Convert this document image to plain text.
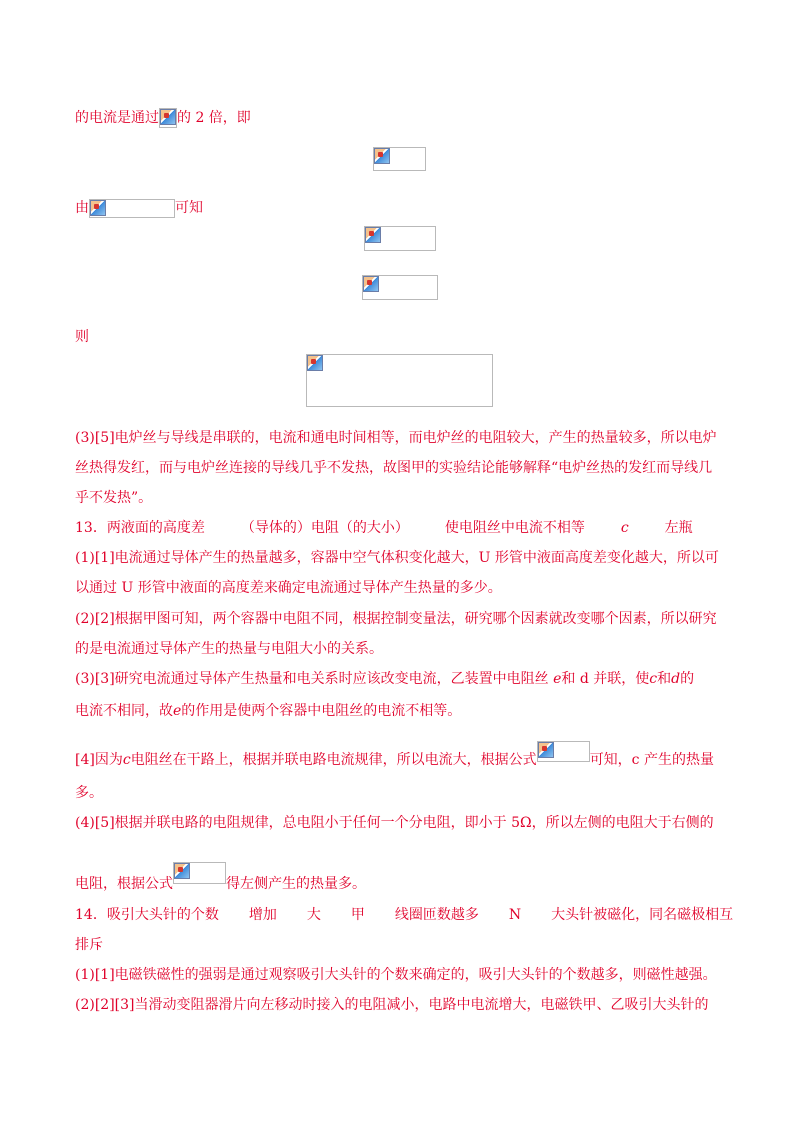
的电流是通过 的 2 倍，即
由	可知
则
(3)[5]电炉丝与导线是串联的，电流和通电时间相等，而电炉丝的电阻较大，产生的热量较多，所以电炉
丝热得发红，而与电炉丝连接的导线几乎不发热，故图甲的实验结论能够解释“电炉丝热的发红而导线几
乎不发热”。
13．两液面的高度差	（导体的）电阻（的大小）	使电阻丝中电流不相等	c	左瓶
(1)[1]电流通过导体产生的热量越多，容器中空气体积变化越大，U 形管中液面高度差变化越大，所以可
以通过 U 形管中液面的高度差来确定电流通过导体产生热量的多少。
(2)[2]根据甲图可知，两个容器中电阻不同，根据控制变量法，研究哪个因素就改变哪个因素，所以研究
的是电流通过导体产生的热量与电阻大小的关系。
(3)[3]研究电流通过导体产生热量和电关系时应该改变电流，乙装置中电阻丝 e和 d 并联，使c和d的
电流不相同，故e的作用是使两个容器中电阻丝的电流不相等。
[4]因为c电阻丝在干路上，根据并联电路电流规律，所以电流大，根据公式	可知，c 产生的热量
多。
(4)[5]根据并联电路的电阻规律，总电阻小于任何一个分电阻，即小于 5Ω，所以左侧的电阻大于右侧的
电阻，根据公式	得左侧产生的热量多。
14．吸引大头针的个数 增加 大 甲 线圈匝数越多 N 大头针被磁化，同名磁极相互
排斥
(1)[1]电磁铁磁性的强弱是通过观察吸引大头针的个数来确定的，吸引大头针的个数越多，则磁性越强。
(2)[2][3]当滑动变阻器滑片向左移动时接入的电阻减小，电路中电流增大，电磁铁甲、乙吸引大头针的
